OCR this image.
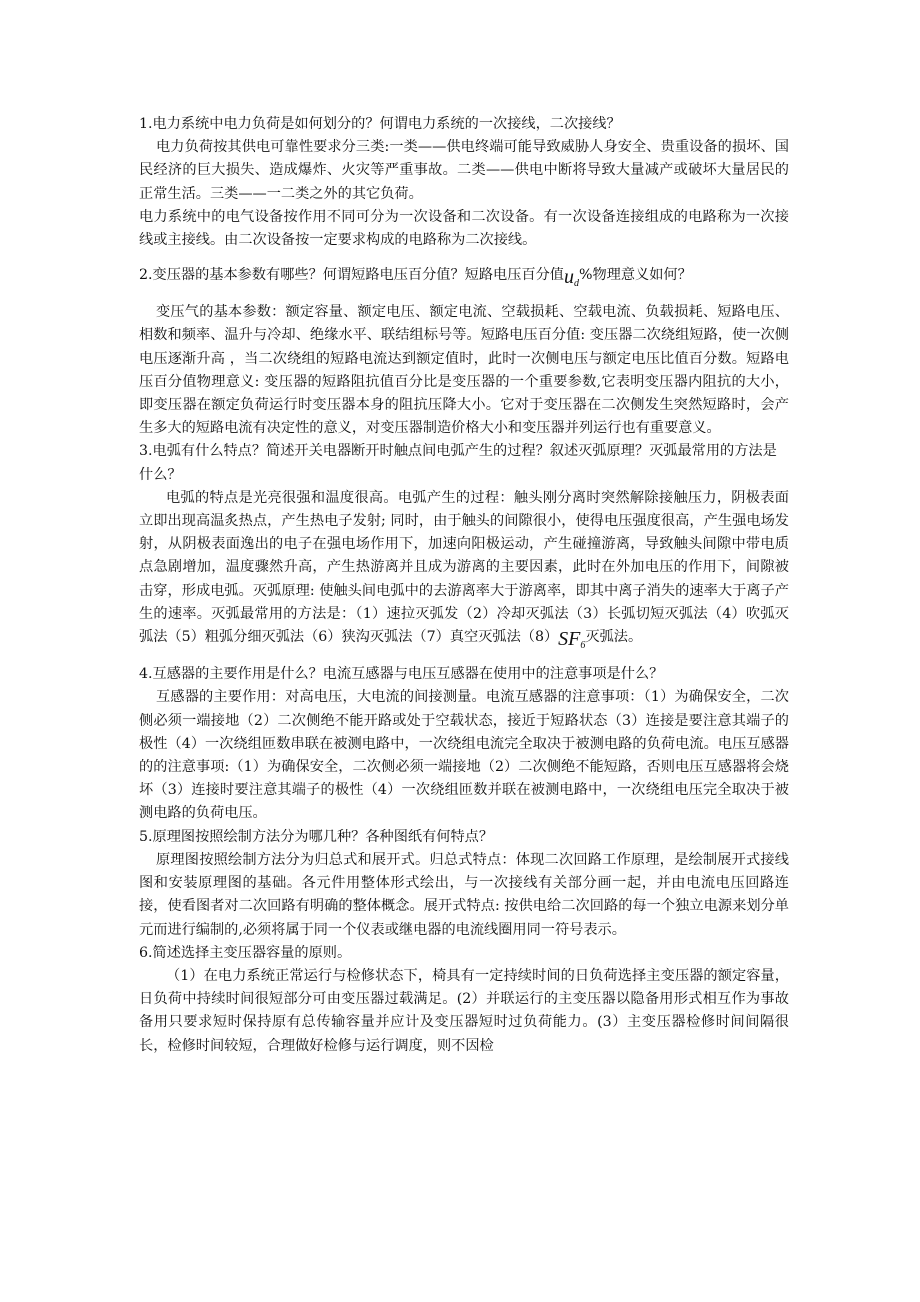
1.电力系统中电力负荷是如何划分的？何谓电力系统的一次接线，二次接线？

电力负荷按其供电可靠性要求分三类:一类——供电终端可能导致威胁人身安全、贵重设备的损坏、国民经济的巨大损失、造成爆炸、火灾等严重事故。二类——供电中断将导致大量减产或破坏大量居民的正常生活。三类——一二类之外的其它负荷。

电力系统中的电气设备按作用不同可分为一次设备和二次设备。有一次设备连接组成的电路称为一次接线或主接线。由二次设备按一定要求构成的电路称为二次接线。

2.变压器的基本参数有哪些？何谓短路电压百分值？短路电压百分值$u_d\%$物理意义如何？

变压气的基本参数：额定容量、额定电压、额定电流、空载损耗、空载电流、负载损耗、短路电压、相数和频率、温升与冷却、绝缘水平、联结组标号等。短路电压百分值: 变压器二次绕组短路，使一次侧电压逐渐升高 ，当二次绕组的短路电流达到额定值时，此时一次侧电压与额定电压比值百分数。短路电压百分值物理意义: 变压器的短路阻抗值百分比是变压器的一个重要参数,它表明变压器内阻抗的大小，即变压器在额定负荷运行时变压器本身的阻抗压降大小。它对于变压器在二次侧发生突然短路时，会产生多大的短路电流有决定性的意义，对变压器制造价格大小和变压器并列运行也有重要意义。

3.电弧有什么特点？简述开关电器断开时触点间电弧产生的过程？叙述灭弧原理？灭弧最常用的方法是什么？

电弧的特点是光亮很强和温度很高。电弧产生的过程：触头刚分离时突然解除接触压力，阴极表面立即出现高温炙热点，产生热电子发射; 同时，由于触头的间隙很小，使得电压强度很高，产生强电场发射，从阴极表面逸出的电子在强电场作用下，加速向阳极运动，产生碰撞游离，导致触头间隙中带电质点急剧增加，温度骤然升高，产生热游离并且成为游离的主要因素，此时在外加电压的作用下，间隙被击穿，形成电弧。灭弧原理: 使触头间电弧中的去游离率大于游离率，即其中离子消失的速率大于离子产生的速率。灭弧最常用的方法是：（1）速拉灭弧发（2）冷却灭弧法（3）长弧切短灭弧法（4）吹弧灭弧法（5）粗弧分细灭弧法（6）狭沟灭弧法（7）真空灭弧法$(8)SF_6$灭弧法。

4.互感器的主要作用是什么？电流互感器与电压互感器在使用中的注意事项是什么？

互感器的主要作用：对高电压，大电流的间接测量。电流互感器的注意事项：（1）为确保安全，二次侧必须一端接地（2）二次侧绝不能开路或处于空载状态，接近于短路状态（3）连接是要注意其端子的极性（4）一次绕组匝数串联在被测电路中，一次绕组电流完全取决于被测电路的负荷电流。电压互感器的的注意事项:（1）为确保安全，二次侧必须一端接地（2）二次侧绝不能短路，否则电压互感器将会烧坏（3）连接时要注意其端子的极性（4）一次绕组匝数并联在被测电路中，一次绕组电压完全取决于被测电路的负荷电压。

5.原理图按照绘制方法分为哪几种？各种图纸有何特点？

原理图按照绘制方法分为归总式和展开式。归总式特点：体现二次回路工作原理，是绘制展开式接线图和安装原理图的基础。各元件用整体形式绘出，与一次接线有关部分画一起，并由电流电压回路连接，使看图者对二次回路有明确的整体概念。展开式特点: 按供电给二次回路的每一个独立电源来划分单元而进行编制的,必须将属于同一个仪表或继电器的电流线圈用同一符号表示。

6.简述选择主变压器容量的原则。

（1）在电力系统正常运行与检修状态下，椅具有一定持续时间的日负荷选择主变压器的额定容量，日负荷中持续时间很短部分可由变压器过载满足。(2）并联运行的主变压器以隐备用形式相互作为事故备用只要求短时保持原有总传输容量并应计及变压器短时过负荷能力。(3）主变压器检修时间间隔很长，检修时间较短，合理做好检修与运行调度，则不因检
